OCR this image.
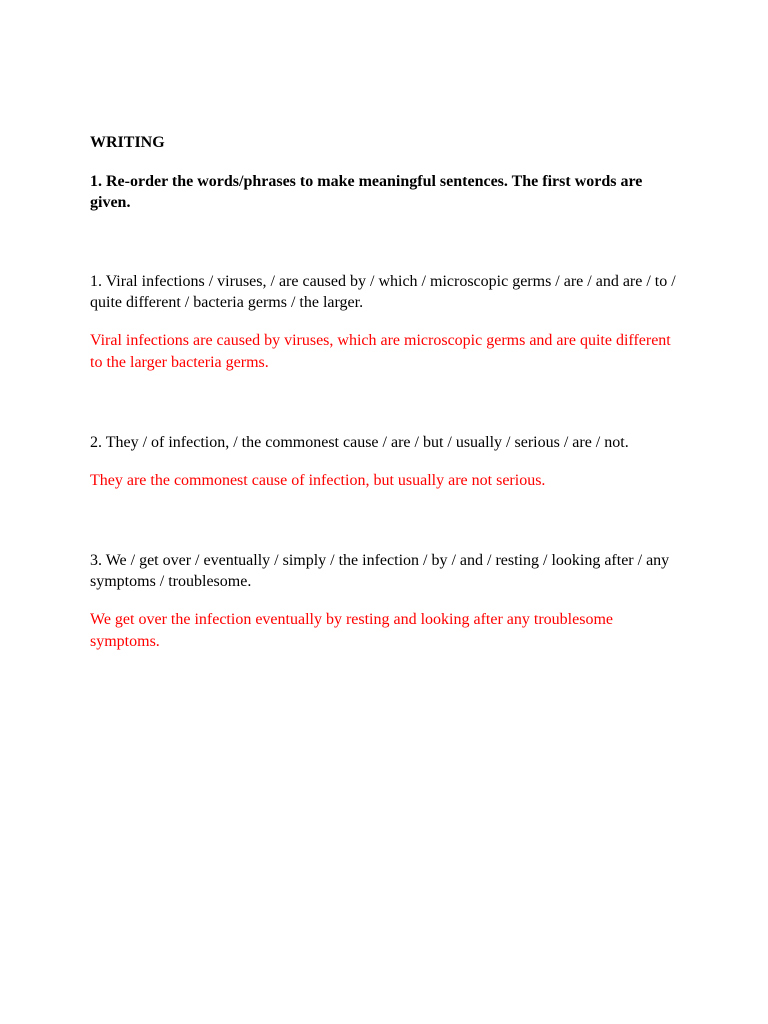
WRITING

1. Re-order the words/phrases to make meaningful sentences. The first words are given.

1. Viral infections / viruses, / are caused by / which / microscopic germs / are / and are / to / quite different / bacteria germs / the larger.

Viral infections are caused by viruses, which are microscopic germs and are quite different to the larger bacteria germs.

2. They / of infection, / the commonest cause / are / but / usually / serious / are / not.

They are the commonest cause of infection, but usually are not serious.

3. We / get over / eventually / simply / the infection / by / and / resting / looking after / any symptoms / troublesome.

We get over the infection eventually by resting and looking after any troublesome symptoms.
